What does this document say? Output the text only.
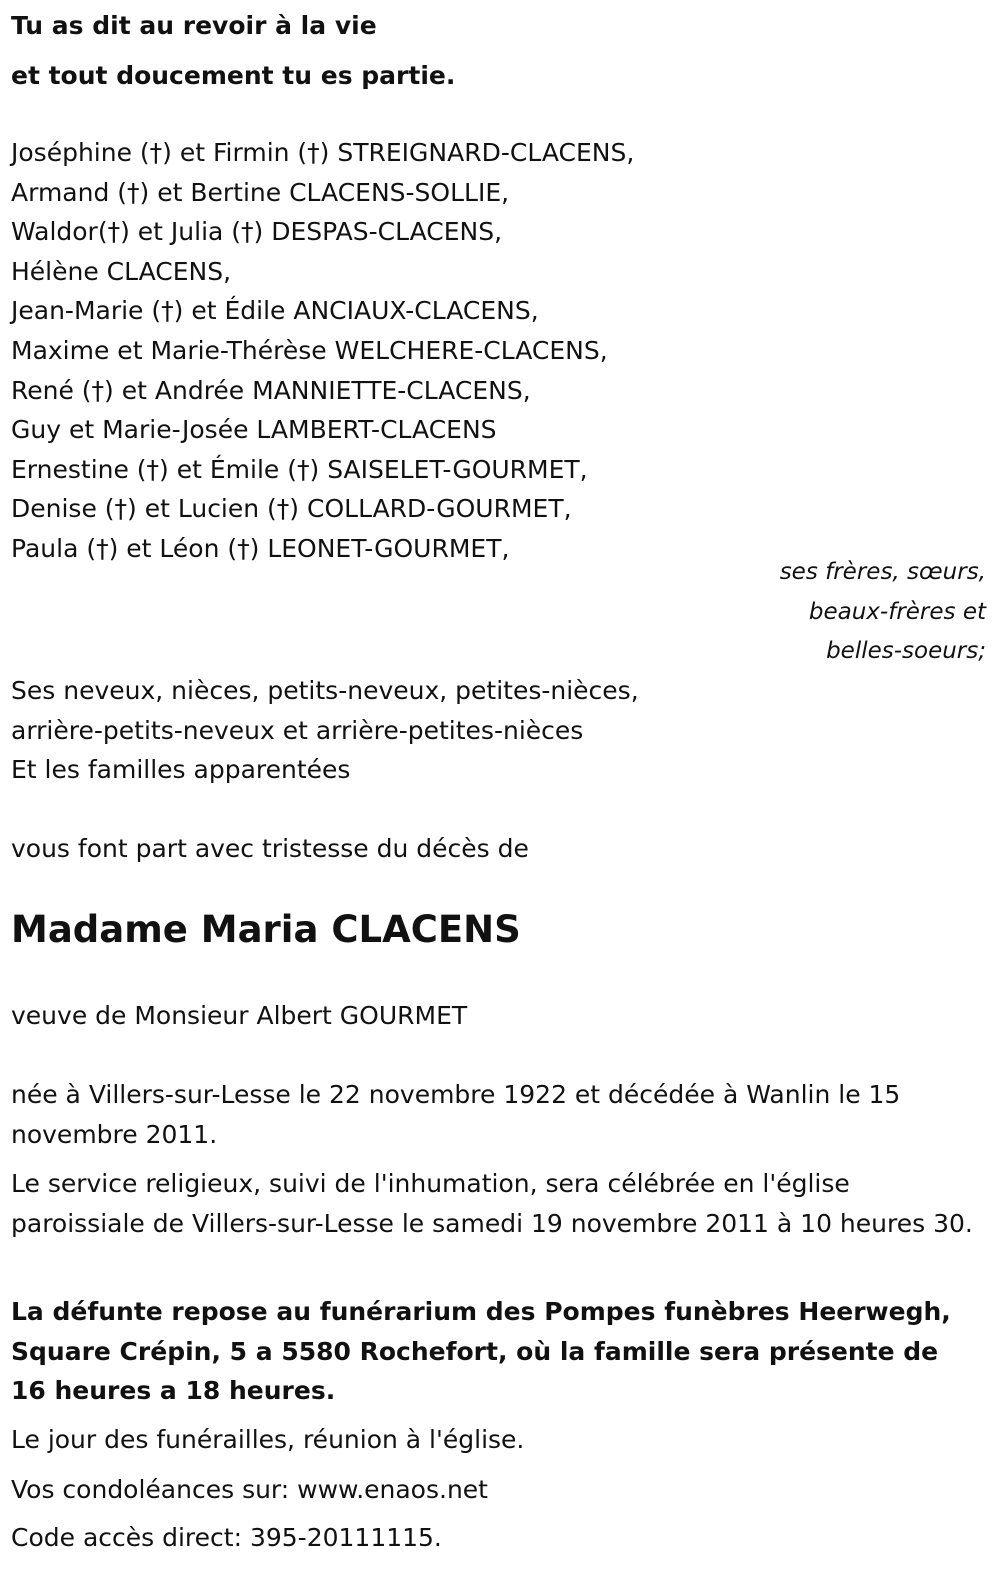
Tu as dit au revoir à la vie
et tout doucement tu es partie.
Joséphine (†) et Firmin (†) STREIGNARD-CLACENS,
Armand (†) et Bertine CLACENS-SOLLIE,
Waldor(†) et Julia (†) DESPAS-CLACENS,
Hélène CLACENS,
Jean-Marie (†) et Édile ANCIAUX-CLACENS,
Maxime et Marie-Thérèse WELCHERE-CLACENS,
René (†) et Andrée MANNIETTE-CLACENS,
Guy et Marie-Josée LAMBERT-CLACENS
Ernestine (†) et Émile (†) SAISELET-GOURMET,
Denise (†) et Lucien (†) COLLARD-GOURMET,
Paula (†) et Léon (†) LEONET-GOURMET,
ses frères, sœurs,
beaux-frères et
belles-soeurs;
Ses neveux, nièces, petits-neveux, petites-nièces,
arrière-petits-neveux et arrière-petites-nièces
Et les familles apparentées
vous font part avec tristesse du décès de
Madame Maria CLACENS
veuve de Monsieur Albert GOURMET
née à Villers-sur-Lesse le 22 novembre 1922 et décédée à Wanlin le 15 novembre 2011.
Le service religieux, suivi de l'inhumation, sera célébrée en l'église paroissiale de Villers-sur-Lesse le samedi 19 novembre 2011 à 10 heures 30.
La défunte repose au funérarium des Pompes funèbres Heerwegh, Square Crépin, 5 a 5580 Rochefort, où la famille sera présente de 16 heures a 18 heures.
Le jour des funérailles, réunion à l'église.
Vos condoléances sur: www.enaos.net
Code accès direct: 395-20111115.
